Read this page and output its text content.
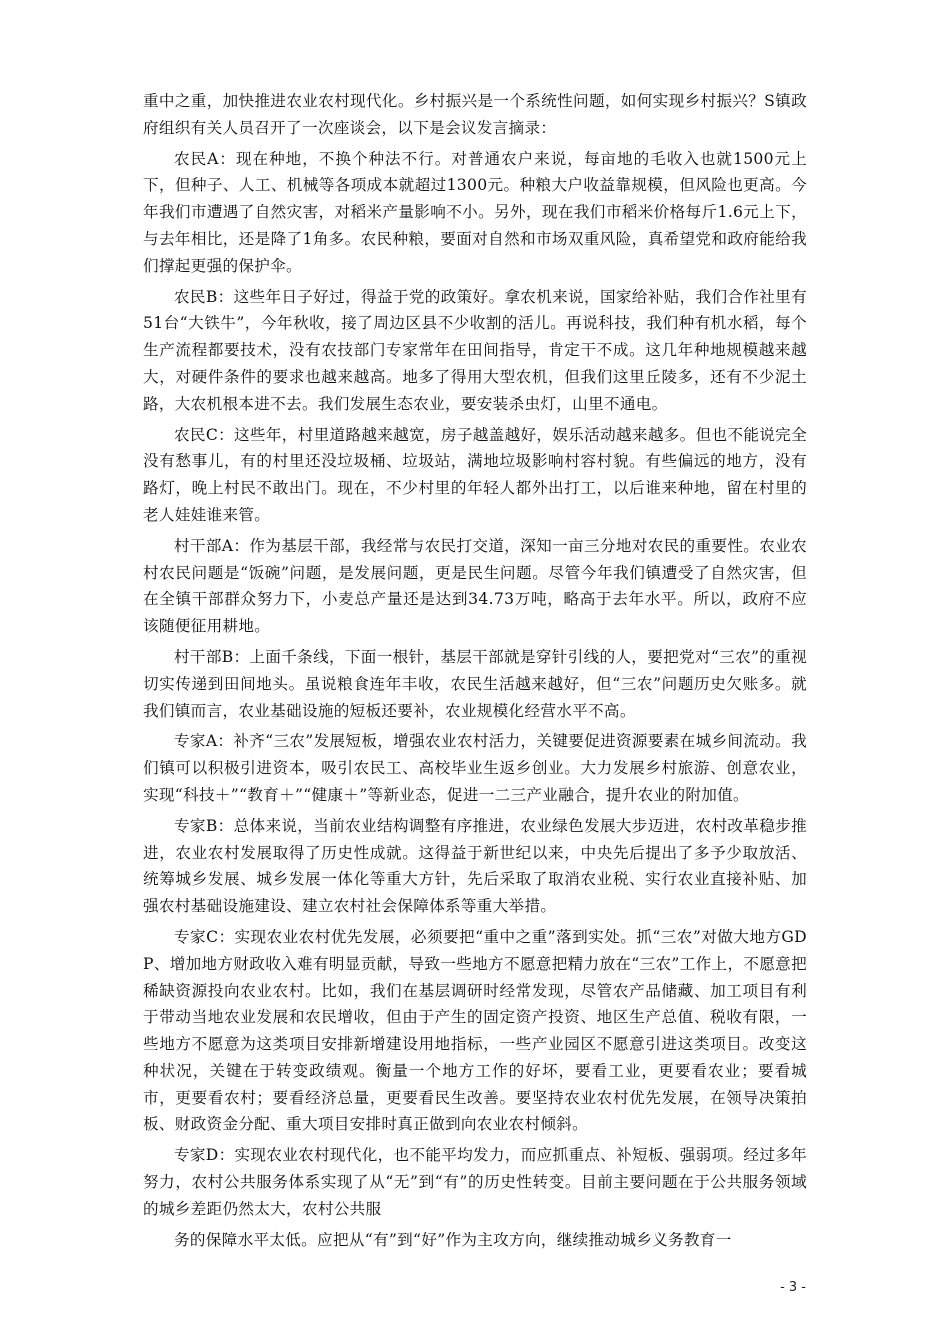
重中之重，加快推进农业农村现代化。乡村振兴是一个系统性问题，如何实现乡村振兴？S镇政府组织有关人员召开了一次座谈会，以下是会议发言摘录：

农民A：现在种地，不换个种法不行。对普通农户来说，每亩地的毛收入也就1500元上下，但种子、人工、机械等各项成本就超过1300元。种粮大户收益靠规模，但风险也更高。今年我们市遭遇了自然灾害，对稻米产量影响不小。另外，现在我们市稻米价格每斤1.6元上下，与去年相比，还是降了1角多。农民种粮，要面对自然和市场双重风险，真希望党和政府能给我们撑起更强的保护伞。

农民B：这些年日子好过，得益于党的政策好。拿农机来说，国家给补贴，我们合作社里有51台“大铁牛”，今年秋收，接了周边区县不少收割的活儿。再说科技，我们种有机水稻，每个生产流程都要技术，没有农技部门专家常年在田间指导，肯定干不成。这几年种地规模越来越大，对硬件条件的要求也越来越高。地多了得用大型农机，但我们这里丘陵多，还有不少泥土路，大农机根本进不去。我们发展生态农业，要安装杀虫灯，山里不通电。

农民C：这些年，村里道路越来越宽，房子越盖越好，娱乐活动越来越多。但也不能说完全没有愁事儿，有的村里还没垃圾桶、垃圾站，满地垃圾影响村容村貌。有些偏远的地方，没有路灯，晚上村民不敢出门。现在，不少村里的年轻人都外出打工，以后谁来种地，留在村里的老人娃娃谁来管。

村干部A：作为基层干部，我经常与农民打交道，深知一亩三分地对农民的重要性。农业农村农民问题是“饭碗”问题，是发展问题，更是民生问题。尽管今年我们镇遭受了自然灾害，但在全镇干部群众努力下，小麦总产量还是达到34.73万吨，略高于去年水平。所以，政府不应该随便征用耕地。

村干部B：上面千条线，下面一根针，基层干部就是穿针引线的人，要把党对“三农”的重视切实传递到田间地头。虽说粮食连年丰收，农民生活越来越好，但“三农”问题历史欠账多。就我们镇而言，农业基础设施的短板还要补，农业规模化经营水平不高。

专家A：补齐“三农”发展短板，增强农业农村活力，关键要促进资源要素在城乡间流动。我们镇可以积极引进资本，吸引农民工、高校毕业生返乡创业。大力发展乡村旅游、创意农业，实现“科技＋”“教育＋”“健康＋”等新业态，促进一二三产业融合，提升农业的附加值。

专家B：总体来说，当前农业结构调整有序推进，农业绿色发展大步迈进，农村改革稳步推进，农业农村发展取得了历史性成就。这得益于新世纪以来，中央先后提出了多予少取放活、统筹城乡发展、城乡发展一体化等重大方针，先后采取了取消农业税、实行农业直接补贴、加强农村基础设施建设、建立农村社会保障体系等重大举措。

专家C：实现农业农村优先发展，必须要把“重中之重”落到实处。抓“三农”对做大地方GDP、增加地方财政收入难有明显贡献，导致一些地方不愿意把精力放在“三农”工作上，不愿意把稀缺资源投向农业农村。比如，我们在基层调研时经常发现，尽管农产品储藏、加工项目有利于带动当地农业发展和农民增收，但由于产生的固定资产投资、地区生产总值、税收有限，一些地方不愿意为这类项目安排新增建设用地指标，一些产业园区不愿意引进这类项目。改变这种状况，关键在于转变政绩观。衡量一个地方工作的好坏，要看工业，更要看农业；要看城市，更要看农村；要看经济总量，更要看民生改善。要坚持农业农村优先发展，在领导决策拍板、财政资金分配、重大项目安排时真正做到向农业农村倾斜。

专家D：实现农业农村现代化，也不能平均发力，而应抓重点、补短板、强弱项。经过多年努力，农村公共服务体系实现了从“无”到“有”的历史性转变。目前主要问题在于公共服务领域的城乡差距仍然太大，农村公共服

务的保障水平太低。应把从“有”到“好”作为主攻方向，继续推动城乡义务教育一

- 3 -
